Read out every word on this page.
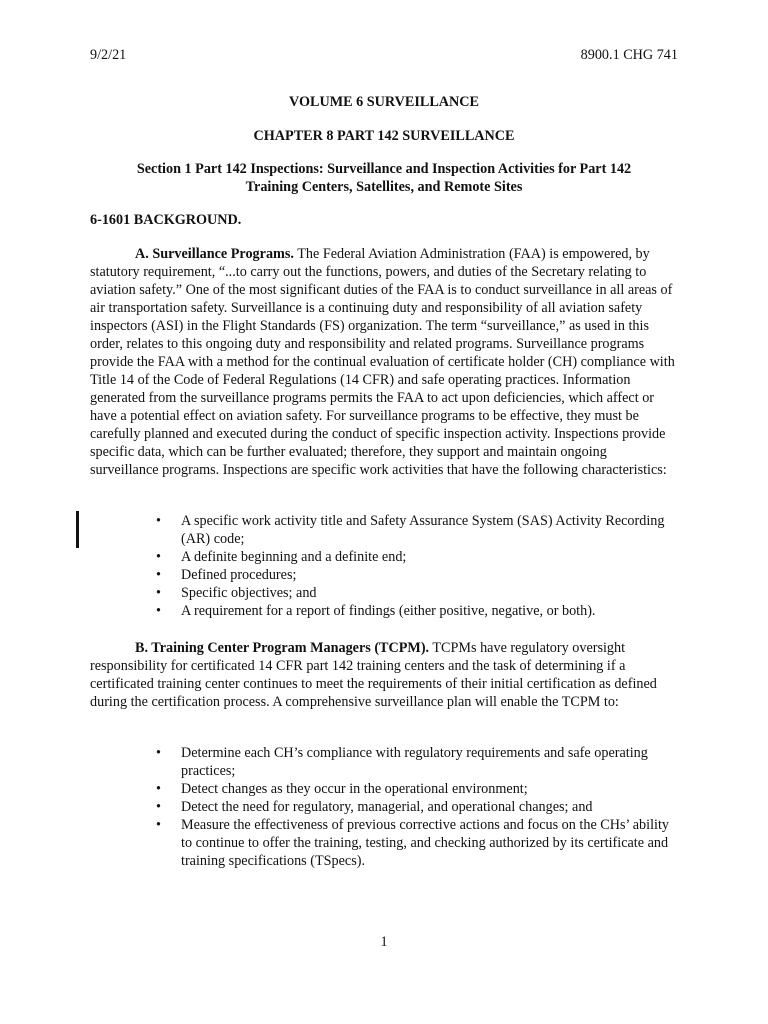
9/2/21	8900.1 CHG 741
VOLUME 6 SURVEILLANCE
CHAPTER 8 PART 142 SURVEILLANCE
Section 1 Part 142 Inspections: Surveillance and Inspection Activities for Part 142
Training Centers, Satellites, and Remote Sites
6-1601 BACKGROUND.

A. Surveillance Programs. The Federal Aviation Administration (FAA) is empowered, by statutory requirement, “...to carry out the functions, powers, and duties of the Secretary relating to aviation safety.” One of the most significant duties of the FAA is to conduct surveillance in all areas of air transportation safety. Surveillance is a continuing duty and responsibility of all aviation safety inspectors (ASI) in the Flight Standards (FS) organization. The term “surveillance,” as used in this order, relates to this ongoing duty and responsibility and related programs. Surveillance programs provide the FAA with a method for the continual evaluation of certificate holder (CH) compliance with Title 14 of the Code of Federal Regulations (14 CFR) and safe operating practices. Information generated from the surveillance programs permits the FAA to act upon deficiencies, which affect or have a potential effect on aviation safety. For surveillance programs to be effective, they must be carefully planned and executed during the conduct of specific inspection activity. Inspections provide specific data, which can be further evaluated; therefore, they support and maintain ongoing surveillance programs. Inspections are specific work activities that have the following characteristics:

• A specific work activity title and Safety Assurance System (SAS) Activity Recording (AR) code;
• A definite beginning and a definite end;
• Defined procedures;
• Specific objectives; and
• A requirement for a report of findings (either positive, negative, or both).

B. Training Center Program Managers (TCPM). TCPMs have regulatory oversight responsibility for certificated 14 CFR part 142 training centers and the task of determining if a certificated training center continues to meet the requirements of their initial certification as defined during the certification process. A comprehensive surveillance plan will enable the TCPM to:

• Determine each CH’s compliance with regulatory requirements and safe operating practices;
• Detect changes as they occur in the operational environment;
• Detect the need for regulatory, managerial, and operational changes; and
• Measure the effectiveness of previous corrective actions and focus on the CHs’ ability to continue to offer the training, testing, and checking authorized by its certificate and training specifications (TSpecs).
1
